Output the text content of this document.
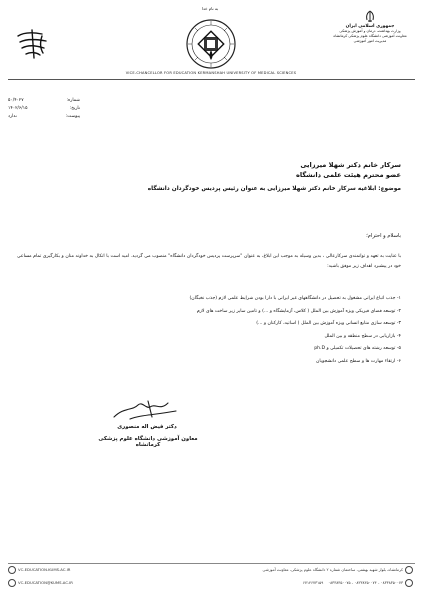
جمهوری اسلامی ایران
وزارت بهداشت، درمان و آموزش پزشکی
معاونت آموزشی دانشگاه علوم پزشکی کرمانشاه
مدیریت امور آموزشی
به نام خدا
VICE-CHANCELLOR FOR EDUCATION KERMANSHAH UNIVERSITY OF MEDICAL SCIENCES
شماره:
۵۰/۴۰۲۷
تاریخ:
۱۴۰۲/۶/۱۵
پیوست:
ندارد
سرکار خانم دکتر شهلا میرزایی
عضو محترم هیئت علمی دانشگاه
موضوع: ابلاغیه سرکار خانم دکتر شهلا میرزایی به عنوان رئیس پردیس خودگردان دانشگاه
باسلام و احترام؛
با عنایت به تعهد و توانمندی سرکارعالی ، بدین وسیله به موجب این ابلاغ، به عنوان "سرپرست پردیس خودگردان دانشگاه" منصوب می گردید. امید است با اتکال به خداوند منان و بکارگیری تمام مساعی خود در پیشبرد اهداف زیر موفق باشید:
۱- جذب اتباع ایرانی مشغول به تحصیل در دانشگاههای غیر ایرانی با دارا بودن شرایط علمی لازم (جذب نخبگان)
۲- توسعه فضای فیزیکی ویژه آموزش بین الملل ( کلاس، آزمایشگاه و ...) و تامین سایر زیر ساخت های لازم
۳- توسعه سازی منابع انسانی ویژه آموزش بین الملل ( اساتید، کارکنان و ...)
۴- بازاریابی در سطح منطقه و بین الملل
۵- توسعه رشته های تحصیلات تکمیلی و ph.D
۶- ارتقاء مهارت ها و سطح علمی دانشجویان
دکتر فیض اله منصوری
معاون آموزشی دانشگاه علوم پزشکی کرمانشاه
کرمانشاه، بلوار شهید بهشتی، ساختمان شماره ۲ دانشگاه علوم پزشکی، معاونت آموزشی
۰۸۳۳۸۳۵۰۰۷۳ - ۰۸۳۳۸۳۵۰۰۷۴ - ۰۸۳۳۸۳۵۰۰۷۵    ۶۷۱۴۶۷۳۱۵۹
VC-EDUCATION.KUMS.AC.IR
VC-EDUCATION@KUMS.AC.IR
